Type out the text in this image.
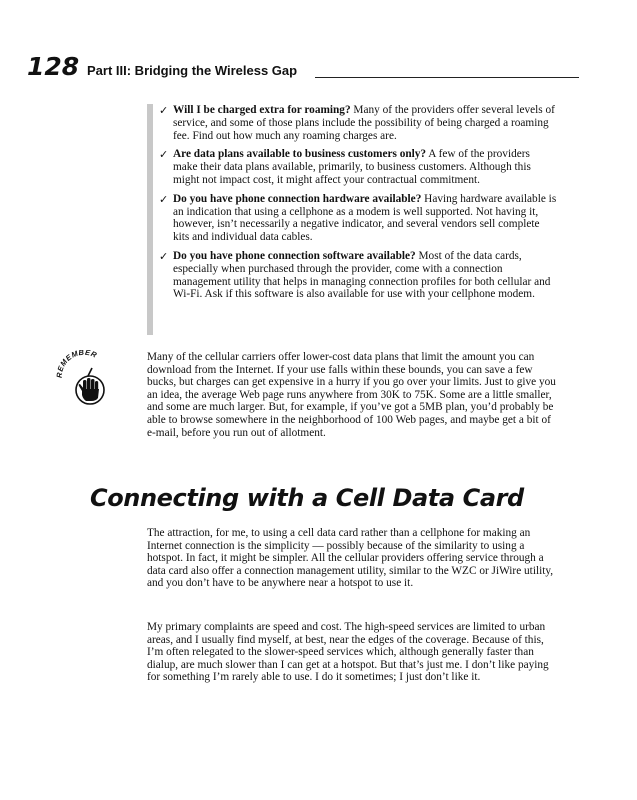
128 Part III: Bridging the Wireless Gap
✓ Will I be charged extra for roaming? Many of the providers offer several levels of service, and some of those plans include the possibility of being charged a roaming fee. Find out how much any roaming charges are.
✓ Are data plans available to business customers only? A few of the providers make their data plans available, primarily, to business customers. Although this might not impact cost, it might affect your contractual commitment.
✓ Do you have phone connection hardware available? Having hardware available is an indication that using a cellphone as a modem is well supported. Not having it, however, isn’t necessarily a negative indicator, and several vendors sell complete kits and individual data cables.
✓ Do you have phone connection software available? Most of the data cards, especially when purchased through the provider, come with a connection management utility that helps in managing connection profiles for both cellular and Wi-Fi. Ask if this software is also available for use with your cellphone modem.
REMEMBER	Many of the cellular carriers offer lower-cost data plans that limit the amount you can download from the Internet. If your use falls within these bounds, you can save a few bucks, but charges can get expensive in a hurry if you go over your limits. Just to give you an idea, the average Web page runs anywhere from 30K to 75K. Some are a little smaller, and some are much larger. But, for example, if you’ve got a 5MB plan, you’d probably be able to browse somewhere in the neighborhood of 100 Web pages, and maybe get a bit of e-mail, before you run out of allotment.

Connecting with a Cell Data Card

The attraction, for me, to using a cell data card rather than a cellphone for making an Internet connection is the simplicity — possibly because of the similarity to using a hotspot. In fact, it might be simpler. All the cellular providers offering service through a data card also offer a connection management utility, similar to the WZC or JiWire utility, and you don’t have to be anywhere near a hotspot to use it.

My primary complaints are speed and cost. The high-speed services are limited to urban areas, and I usually find myself, at best, near the edges of the coverage. Because of this, I’m often relegated to the slower-speed services which, although generally faster than dialup, are much slower than I can get at a hotspot. But that’s just me. I don’t like paying for something I’m rarely able to use. I do it sometimes; I just don’t like it.
